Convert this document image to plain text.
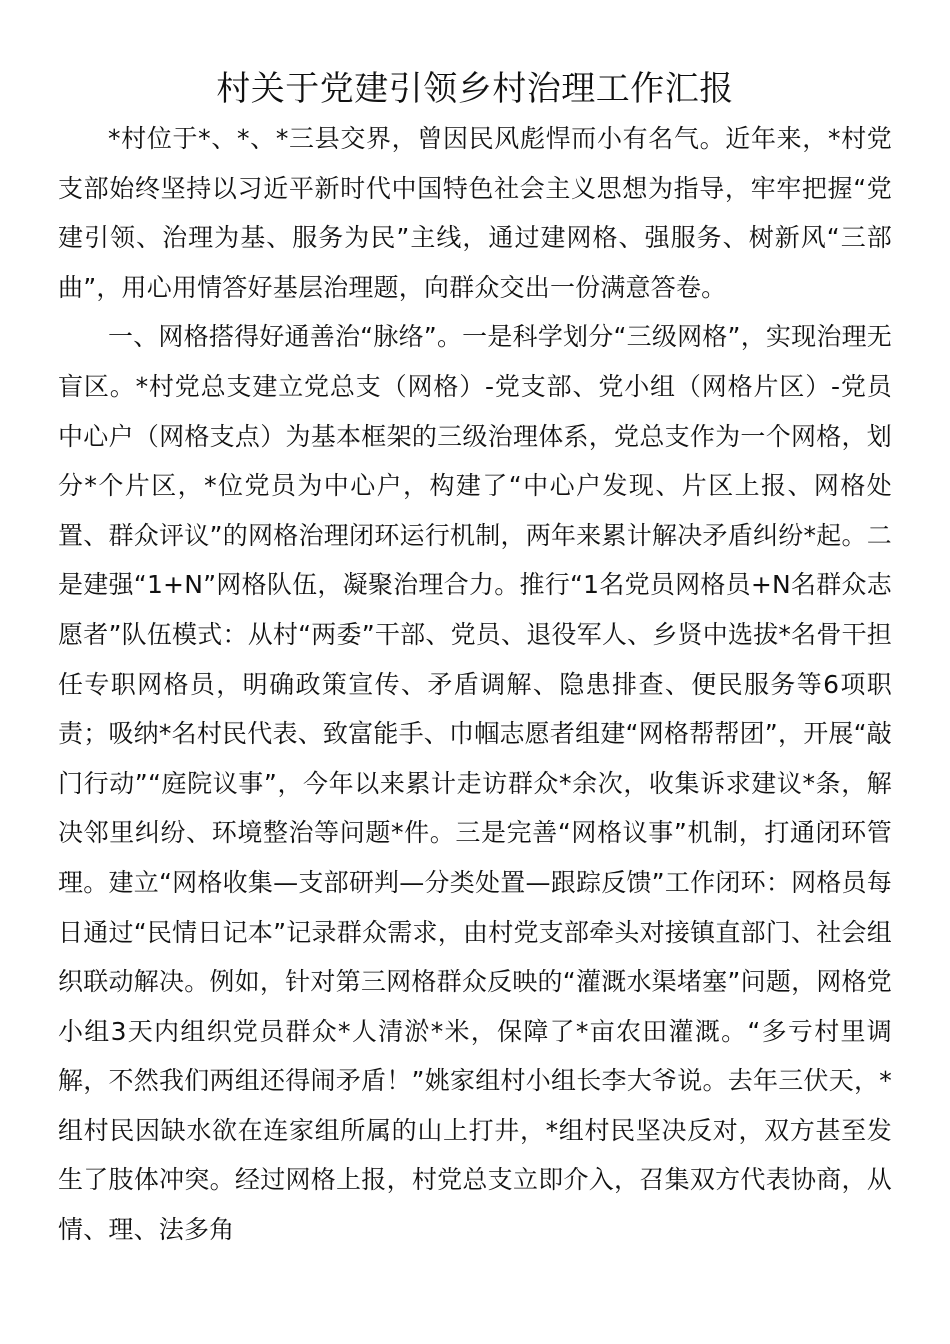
村关于党建引领乡村治理工作汇报

*村位于*、*、*三县交界，曾因民风彪悍而小有名气。近年来，*村党支部始终坚持以习近平新时代中国特色社会主义思想为指导，牢牢把握“党建引领、治理为基、服务为民”主线，通过建网格、强服务、树新风“三部曲”，用心用情答好基层治理题，向群众交出一份满意答卷。

一、网格搭得好通善治“脉络”。一是科学划分“三级网格”，实现治理无盲区。*村党总支建立党总支（网格）-党支部、党小组（网格片区）-党员中心户（网格支点）为基本框架的三级治理体系，党总支作为一个网格，划分*个片区，*位党员为中心户，构建了“中心户发现、片区上报、网格处置、群众评议”的网格治理闭环运行机制，两年来累计解决矛盾纠纷*起。二是建强“1+N”网格队伍，凝聚治理合力。推行“1名党员网格员+N名群众志愿者”队伍模式：从村“两委”干部、党员、退役军人、乡贤中选拔*名骨干担任专职网格员，明确政策宣传、矛盾调解、隐患排查、便民服务等6项职责；吸纳*名村民代表、致富能手、巾帼志愿者组建“网格帮帮团”，开展“敲门行动”“庭院议事”，今年以来累计走访群众*余次，收集诉求建议*条，解决邻里纠纷、环境整治等问题*件。三是完善“网格议事”机制，打通闭环管理。建立“网格收集—支部研判—分类处置—跟踪反馈”工作闭环：网格员每日通过“民情日记本”记录群众需求，由村党支部牵头对接镇直部门、社会组织联动解决。例如，针对第三网格群众反映的“灌溉水渠堵塞”问题，网格党小组3天内组织党员群众*人清淤*米，保障了*亩农田灌溉。“多亏村里调解，不然我们两组还得闹矛盾！”姚家组村小组长李大爷说。去年三伏天，*组村民因缺水欲在连家组所属的山上打井，*组村民坚决反对，双方甚至发生了肢体冲突。经过网格上报，村党总支立即介入，召集双方代表协商，从情、理、法多角
